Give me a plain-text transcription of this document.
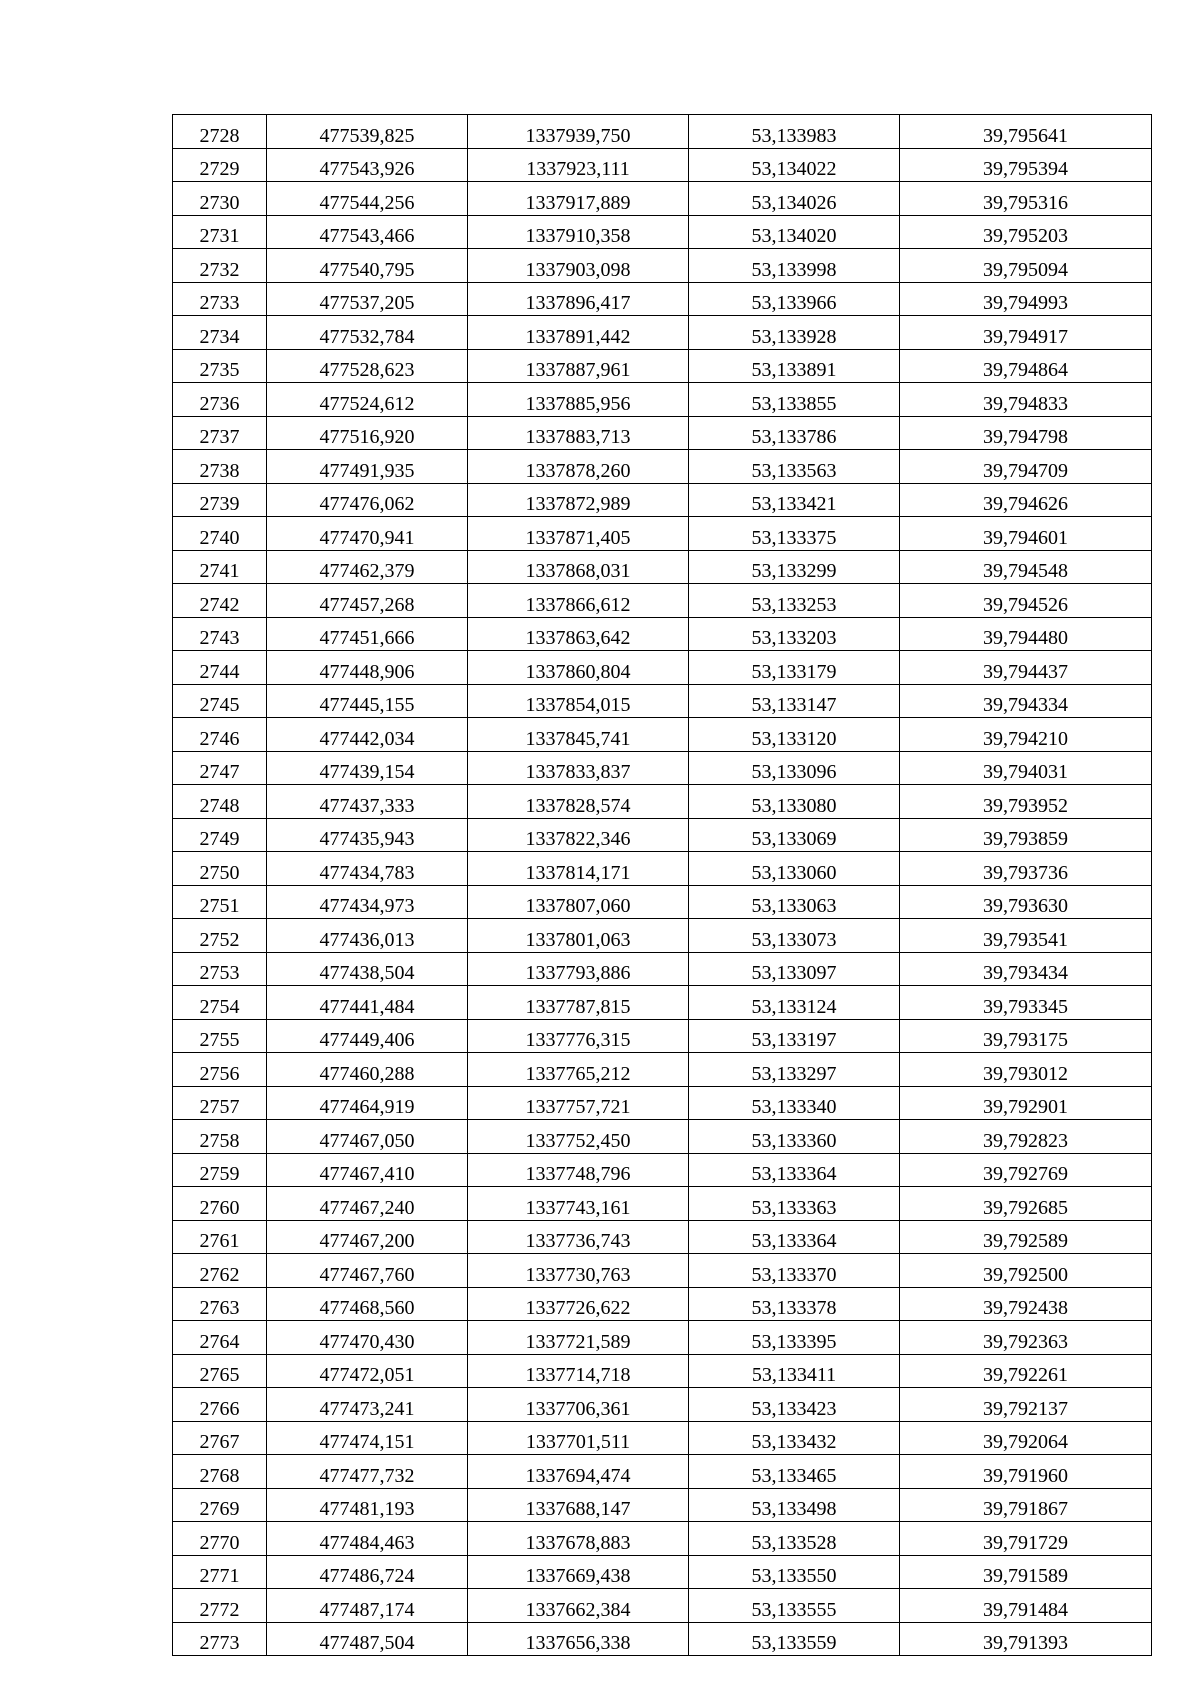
2728	477539,825	1337939,750	53,133983	39,795641
2729	477543,926	1337923,111	53,134022	39,795394
2730	477544,256	1337917,889	53,134026	39,795316
2731	477543,466	1337910,358	53,134020	39,795203
2732	477540,795	1337903,098	53,133998	39,795094
2733	477537,205	1337896,417	53,133966	39,794993
2734	477532,784	1337891,442	53,133928	39,794917
2735	477528,623	1337887,961	53,133891	39,794864
2736	477524,612	1337885,956	53,133855	39,794833
2737	477516,920	1337883,713	53,133786	39,794798
2738	477491,935	1337878,260	53,133563	39,794709
2739	477476,062	1337872,989	53,133421	39,794626
2740	477470,941	1337871,405	53,133375	39,794601
2741	477462,379	1337868,031	53,133299	39,794548
2742	477457,268	1337866,612	53,133253	39,794526
2743	477451,666	1337863,642	53,133203	39,794480
2744	477448,906	1337860,804	53,133179	39,794437
2745	477445,155	1337854,015	53,133147	39,794334
2746	477442,034	1337845,741	53,133120	39,794210
2747	477439,154	1337833,837	53,133096	39,794031
2748	477437,333	1337828,574	53,133080	39,793952
2749	477435,943	1337822,346	53,133069	39,793859
2750	477434,783	1337814,171	53,133060	39,793736
2751	477434,973	1337807,060	53,133063	39,793630
2752	477436,013	1337801,063	53,133073	39,793541
2753	477438,504	1337793,886	53,133097	39,793434
2754	477441,484	1337787,815	53,133124	39,793345
2755	477449,406	1337776,315	53,133197	39,793175
2756	477460,288	1337765,212	53,133297	39,793012
2757	477464,919	1337757,721	53,133340	39,792901
2758	477467,050	1337752,450	53,133360	39,792823
2759	477467,410	1337748,796	53,133364	39,792769
2760	477467,240	1337743,161	53,133363	39,792685
2761	477467,200	1337736,743	53,133364	39,792589
2762	477467,760	1337730,763	53,133370	39,792500
2763	477468,560	1337726,622	53,133378	39,792438
2764	477470,430	1337721,589	53,133395	39,792363
2765	477472,051	1337714,718	53,133411	39,792261
2766	477473,241	1337706,361	53,133423	39,792137
2767	477474,151	1337701,511	53,133432	39,792064
2768	477477,732	1337694,474	53,133465	39,791960
2769	477481,193	1337688,147	53,133498	39,791867
2770	477484,463	1337678,883	53,133528	39,791729
2771	477486,724	1337669,438	53,133550	39,791589
2772	477487,174	1337662,384	53,133555	39,791484
2773	477487,504	1337656,338	53,133559	39,791393
